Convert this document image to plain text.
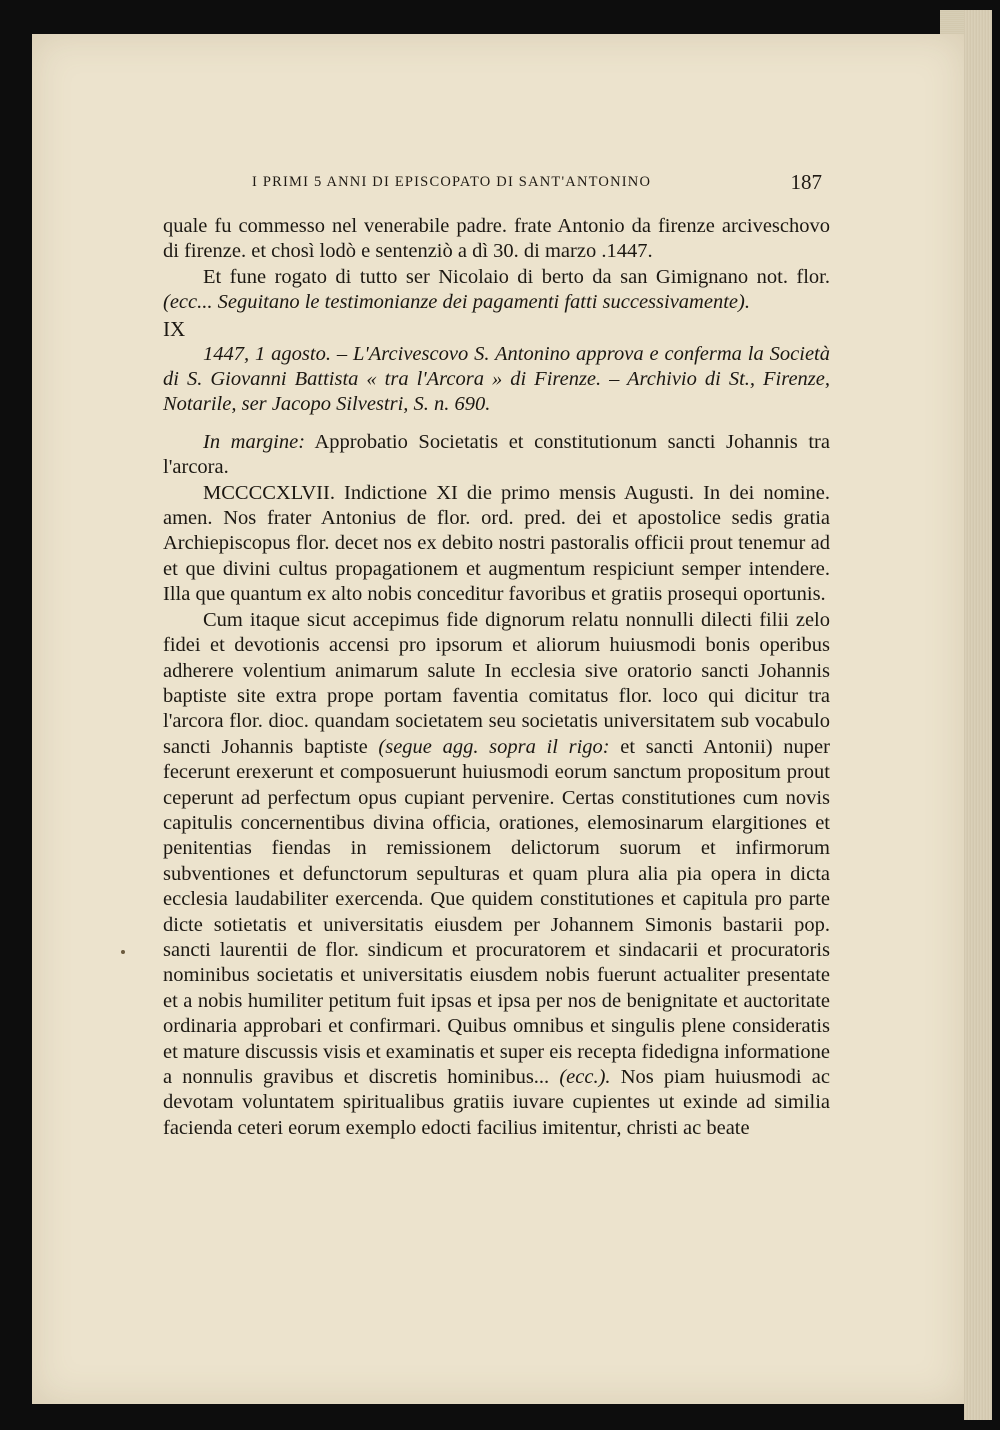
I PRIMI 5 ANNI DI EPISCOPATO DI SANT'ANTONINO	187

quale fu commesso nel venerabile padre. frate Antonio da firenze arciveschovo di firenze. et chosì lodò e sentenziò a dì 30. di marzo .1447.

Et fune rogato di tutto ser Nicolaio di berto da san Gimignano not. flor. (ecc... Seguitano le testimonianze dei pagamenti fatti successivamente).

IX

1447, 1 agosto. – L'Arcivescovo S. Antonino approva e conferma la Società di S. Giovanni Battista « tra l'Arcora » di Firenze. – Archivio di St., Firenze, Notarile, ser Jacopo Silvestri, S. n. 690.

In margine: Approbatio Societatis et constitutionum sancti Johannis tra l'arcora.

MCCCCXLVII. Indictione XI die primo mensis Augusti. In dei nomine. amen. Nos frater Antonius de flor. ord. pred. dei et apostolice sedis gratia Archiepiscopus flor. decet nos ex debito nostri pastoralis officii prout tenemur ad et que divini cultus propagationem et augmentum respiciunt semper intendere. Illa que quantum ex alto nobis conceditur favoribus et gratiis prosequi oportunis.

Cum itaque sicut accepimus fide dignorum relatu nonnulli dilecti filii zelo fidei et devotionis accensi pro ipsorum et aliorum huiusmodi bonis operibus adherere volentium animarum salute In ecclesia sive oratorio sancti Johannis baptiste site extra prope portam faventia comitatus flor. loco qui dicitur tra l'arcora flor. dioc. quandam societatem seu societatis universitatem sub vocabulo sancti Johannis baptiste (segue agg. sopra il rigo: et sancti Antonii) nuper fecerunt erexerunt et composuerunt huiusmodi eorum sanctum propositum prout ceperunt ad perfectum opus cupiant pervenire. Certas constitutiones cum novis capitulis concernentibus divina officia, orationes, elemosinarum elargitiones et penitentias fiendas in remissionem delictorum suorum et infirmorum subventiones et defunctorum sepulturas et quam plura alia pia opera in dicta ecclesia laudabiliter exercenda. Que quidem constitutiones et capitula pro parte dicte sotietatis et universitatis eiusdem per Johannem Simonis bastarii pop. sancti laurentii de flor. sindicum et procuratorem et sindacarii et procuratoris nominibus societatis et universitatis eiusdem nobis fuerunt actualiter presentate et a nobis humiliter petitum fuit ipsas et ipsa per nos de benignitate et auctoritate ordinaria approbari et confirmari. Quibus omnibus et singulis plene consideratis et mature discussis visis et examinatis et super eis recepta fidedigna informatione a nonnulis gravibus et discretis hominibus... (ecc.). Nos piam huiusmodi ac devotam voluntatem spiritualibus gratiis iuvare cupientes ut exinde ad similia facienda ceteri eorum exemplo edocti facilius imitentur, christi ac beate
